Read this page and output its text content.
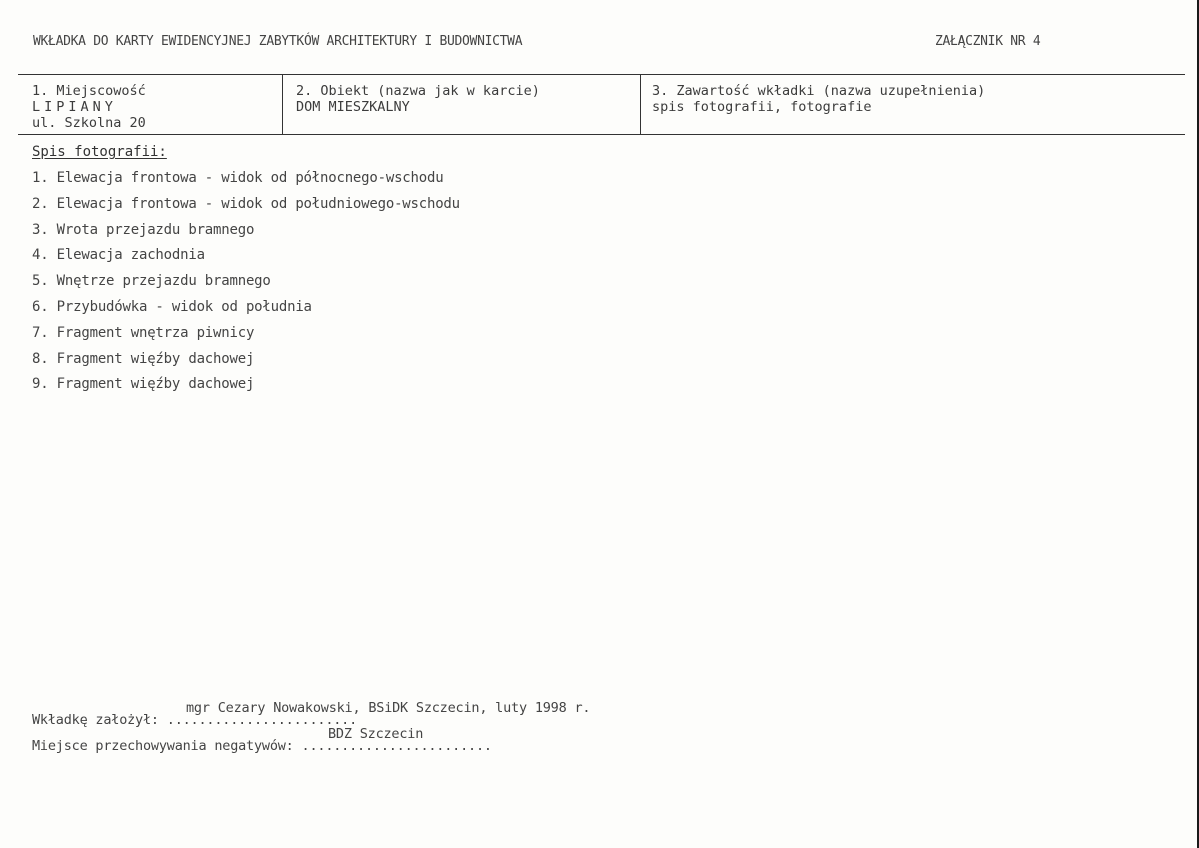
WKŁADKA DO KARTY EWIDENCYJNEJ ZABYTKÓW ARCHITEKTURY I BUDOWNICTWA	ZAŁĄCZNIK NR 4
1. Miejscowość
LIPIANY
ul. Szkolna 20
2. Obiekt (nazwa jak w karcie)
DOM MIESZKALNY
3. Zawartość wkładki (nazwa uzupełnienia)
spis fotografii, fotografie
Spis fotografii:
1. Elewacja frontowa - widok od północnego-wschodu
2. Elewacja frontowa - widok od południowego-wschodu
3. Wrota przejazdu bramnego
4. Elewacja zachodnia
5. Wnętrze przejazdu bramnego
6. Przybudówka - widok od południa
7. Fragment wnętrza piwnicy
8. Fragment więźby dachowej
9. Fragment więźby dachowej
mgr Cezary Nowakowski, BSiDK Szczecin, luty 1998 r.
Wkładkę założył: ........................
BDZ Szczecin
Miejsce przechowywania negatywów: ........................
